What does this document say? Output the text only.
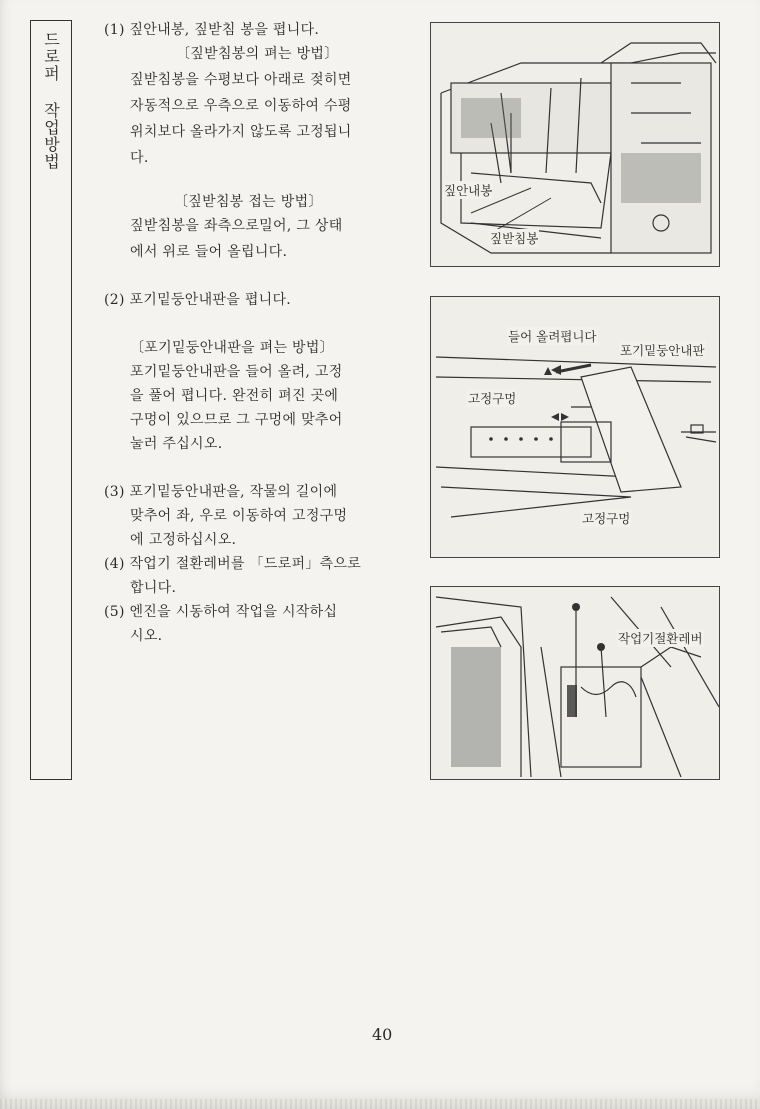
드로퍼 작업방법
(1) 짚안내봉, 짚받침 봉을 폅니다.
〔짚받침봉의 펴는 방법〕
짚받침봉을 수평보다 아래로 젖히면
자동적으로 우측으로 이동하여 수평
위치보다 올라가지 않도록 고정됩니
다.
〔짚받침봉 접는 방법〕
짚받침봉을 좌측으로밀어, 그 상태
에서 위로 들어 올립니다.
(2) 포기밑둥안내판을 폅니다.
〔포기밑둥안내판을 펴는 방법〕
포기밑둥안내판을 들어 올려, 고정
을 풀어 폅니다. 완전히 펴진 곳에
구멍이 있으므로 그 구멍에 맞추어
눌러 주십시오.
(3) 포기밑둥안내판을, 작물의 길이에
맞추어 좌, 우로 이동하여 고정구멍
에 고정하십시오.
(4) 작업기 절환레버를 「드로퍼」측으로
합니다.
(5) 엔진을 시동하여 작업을 시작하십
시오.
짚안내봉
짚받침봉
들어 올려폅니다
포기밑둥안내판
고정구멍
고정구멍
작업기절환레버
40
